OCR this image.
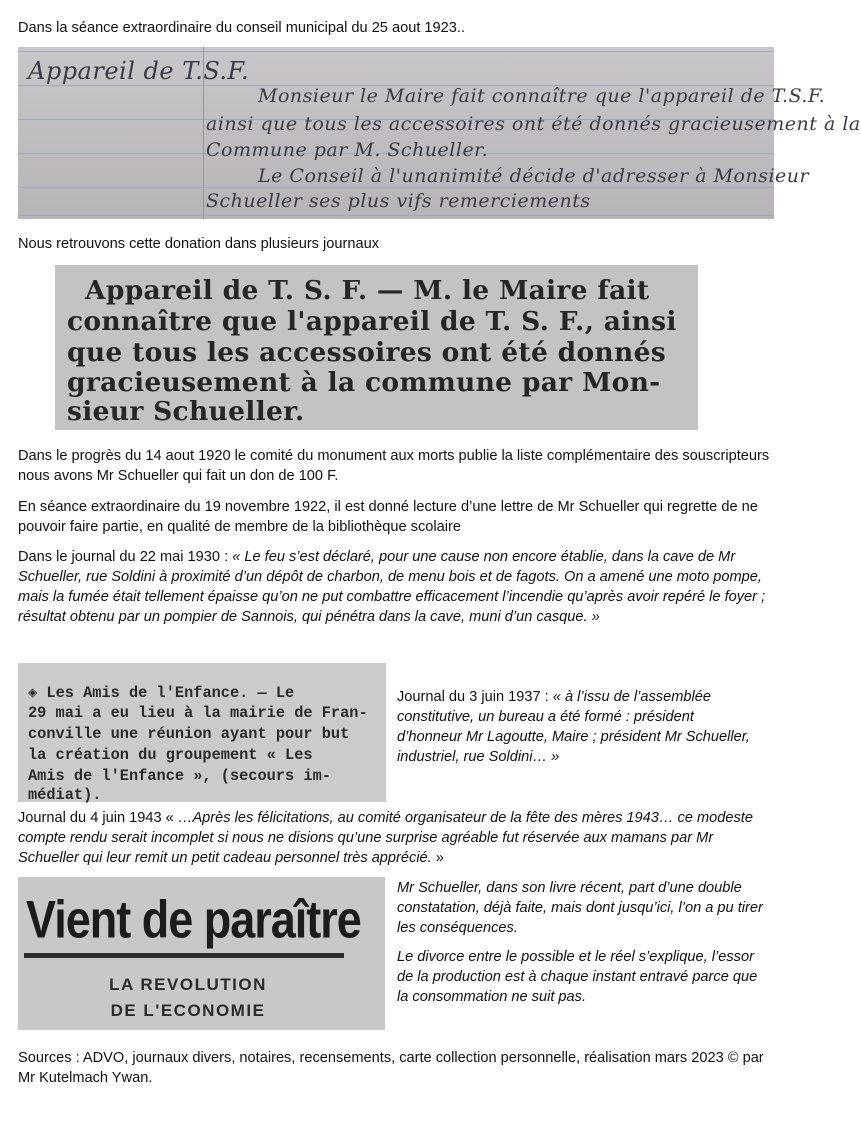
Dans la séance extraordinaire du conseil municipal du 25 aout 1923..

Appareil de T.S.F.
Monsieur le Maire fait connaître que l'appareil de T.S.F.
ainsi que tous les accessoires ont été donnés gracieusement à la
Commune par M. Schueller.
Le Conseil à l'unanimité décide d'adresser à Monsieur
Schueller ses plus vifs remerciements

Nous retrouvons cette donation dans plusieurs journaux

Appareil de T. S. F. — M. le Maire fait
connaître que l'appareil de T. S. F., ainsi
que tous les accessoires ont été donnés
gracieusement à la commune par Mon-
sieur Schueller.

Dans le progrès du 14 aout 1920 le comité du monument aux morts publie la liste complémentaire des souscripteurs nous avons Mr Schueller qui fait un don de 100 F.

En séance extraordinaire du 19 novembre 1922, il est donné lecture d’une lettre de Mr Schueller qui regrette de ne pouvoir faire partie, en qualité de membre de la bibliothèque scolaire

Dans le journal du 22 mai 1930 : « Le feu s’est déclaré, pour une cause non encore établie, dans la cave de Mr Schueller, rue Soldini à proximité d’un dépôt de charbon, de menu bois et de fagots. On a amené une moto pompe, mais la fumée était tellement épaisse qu’on ne put combattre efficacement l’incendie qu’après avoir repéré le foyer ; résultat obtenu par un pompier de Sannois, qui pénétra dans la cave, muni d’un casque. »

◈ Les Amis de l'Enfance. — Le
29 mai a eu lieu à la mairie de Fran-
conville une réunion ayant pour but
la création du groupement « Les
Amis de l'Enfance », (secours im-
médiat).

Journal du 3 juin 1937 : « à l’issu de l’assemblée constitutive, un bureau a été formé : président d’honneur Mr Lagoutte, Maire ; président Mr Schueller, industriel, rue Soldini… »

Journal du 4 juin 1943 « …Après les félicitations, au comité organisateur de la fête des mères 1943… ce modeste compte rendu serait incomplet si nous ne disions qu’une surprise agréable fut réservée aux mamans par Mr Schueller qui leur remit un petit cadeau personnel très apprécié. »

Vient de paraître
LA REVOLUTION
DE L'ECONOMIE

Mr Schueller, dans son livre récent, part d’une double constatation, déjà faite, mais dont jusqu’ici, l’on a pu tirer les conséquences.

Le divorce entre le possible et le réel s’explique, l’essor de la production est à chaque instant entravé parce que la consommation ne suit pas.

Sources : ADVO, journaux divers, notaires, recensements, carte collection personnelle, réalisation mars 2023 © par Mr Kutelmach Ywan.
